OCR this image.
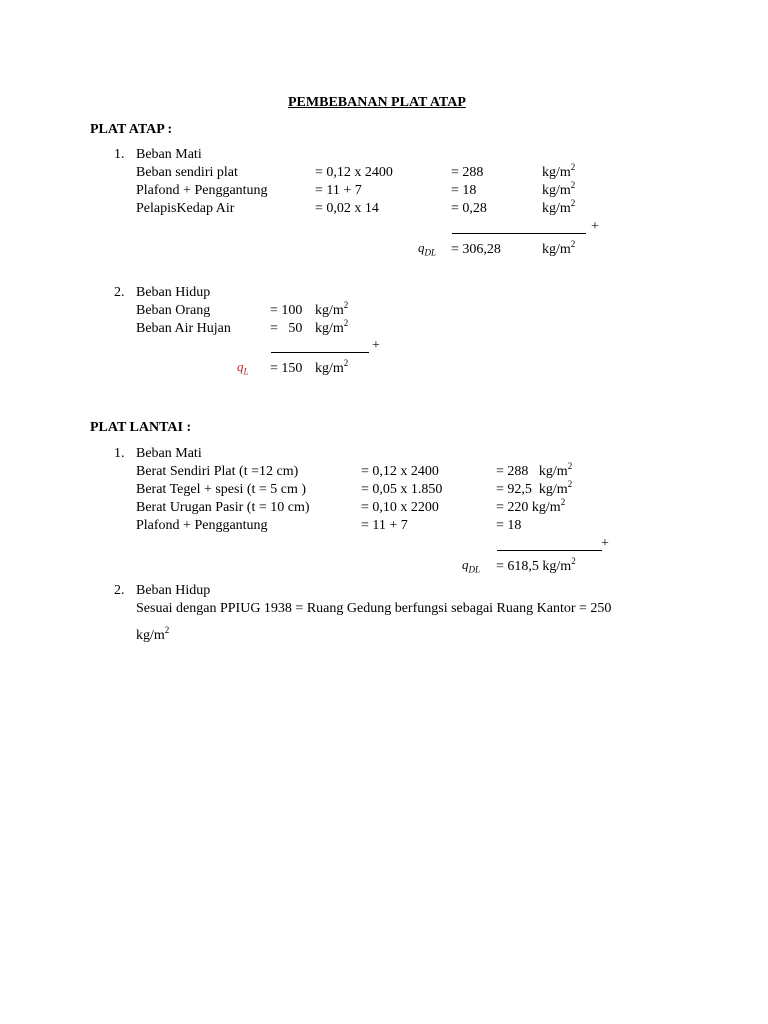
PEMBEBANAN PLAT ATAP
PLAT ATAP :
1. Beban Mati
Beban sendiri plat	= 0,12 x 2400	= 288	$kg/m^2$
Plafond + Penggantung	= 11 + 7	= 18	$kg/m^2$
PelapisKedap Air	= 0,02 x 14	= 0,28	$kg/m^2$
+
$q_{DL} = 306,28$	$kg/m^2$
2. Beban Hidup
Beban Orang	= 100 $kg/m^2$
Beban Air Hujan	=   50 $kg/m^2$
+
$q_L = 150$ $kg/m^2$
PLAT LANTAI :
1. Beban Mati
Berat Sendiri Plat (t =12 cm)	= 0,12 x 2400	= 288   $kg/m^2$
Berat Tegel + spesi (t = 5 cm )	= 0,05 x 1.850	= 92,5  $kg/m^2$
Berat Urugan Pasir (t = 10 cm)	= 0,10 x 2200	= 220 $kg/m^2$
Plafond + Penggantung	= 11 + 7	= 18
+
$q_{DL} = 618,5$ $kg/m^2$
2. Beban Hidup
Sesuai dengan PPIUG 1938 = Ruang Gedung berfungsi sebagai Ruang Kantor = 250
$kg/m^2$
